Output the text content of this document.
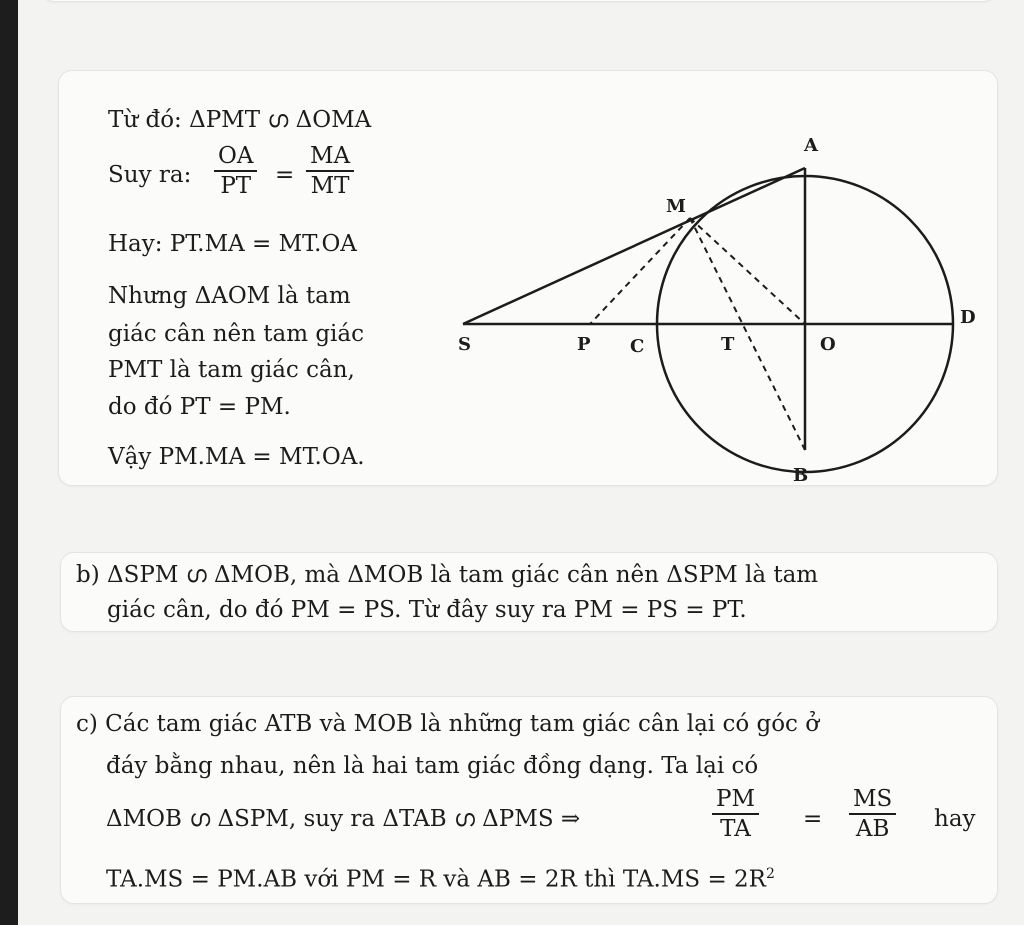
Từ đó: ΔPMT ഗ ΔOMA
Suy ra:
OA
PT =
MA
MT
Hay: PT.MA = MT.OA
Nhưng ΔAOM là tam
giác cân nên tam giác
PMT là tam giác cân,
do đó PT = PM.
Vậy PM.MA = MT.OA.
A
M
D
S	P C	T	O
B
b) ΔSPM ഗ ΔMOB, mà ΔMOB là tam giác cân nên ΔSPM là tam
giác cân, do đó PM = PS. Từ đây suy ra PM = PS = PT.
c) Các tam giác ATB và MOB là những tam giác cân lại có góc ở
đáy bằng nhau, nên là hai tam giác đồng dạng. Ta lại có
ΔMOB ഗ ΔSPM, suy ra ΔTAB ഗ ΔPMS ⇒
PM
TA	=
MS
AB	hay
TA.MS = PM.AB với PM = R và AB = 2R thì $TA.MS = 2R^2$
